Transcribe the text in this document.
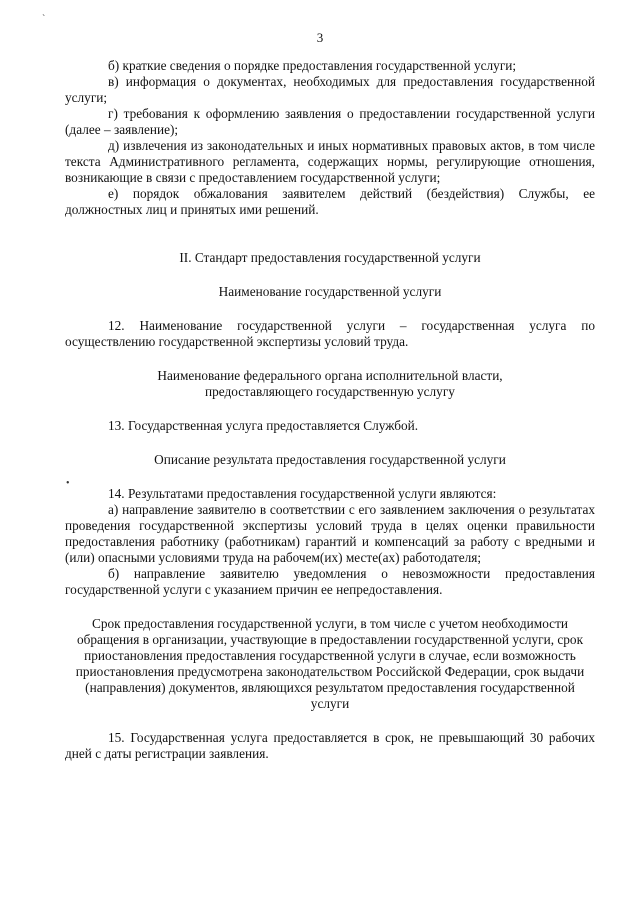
ˋ
3

б) краткие сведения о порядке предоставления государственной услуги;

в) информация о документах, необходимых для предоставления государственной услуги;

г) требования к оформлению заявления о предоставлении государственной услуги (далее – заявление);

д) извлечения из законодательных и иных нормативных правовых актов, в том числе текста Административного регламента, содержащих нормы, регулирующие отношения, возникающие в связи с предоставлением государственной услуги;

е) порядок обжалования заявителем действий (бездействия) Службы, ее должностных лиц и принятых ими решений.

II. Стандарт предоставления государственной услуги

Наименование государственной услуги

12. Наименование государственной услуги – государственная услуга по осуществлению государственной экспертизы условий труда.

Наименование федерального органа исполнительной власти, предоставляющего государственную услугу

13. Государственная услуга предоставляется Службой.

Описание результата предоставления государственной услуги

14. Результатами предоставления государственной услуги являются:

а) направление заявителю в соответствии с его заявлением заключения о результатах проведения государственной экспертизы условий труда в целях оценки правильности предоставления работнику (работникам) гарантий и компенсаций за работу с вредными и (или) опасными условиями труда на рабочем(их) месте(ах) работодателя;

б) направление заявителю уведомления о невозможности предоставления государственной услуги с указанием причин ее непредоставления.

Срок предоставления государственной услуги, в том числе с учетом необходимости обращения в организации, участвующие в предоставлении государственной услуги, срок приостановления предоставления государственной услуги в случае, если возможность приостановления предусмотрена законодательством Российской Федерации, срок выдачи (направления) документов, являющихся результатом предоставления государственной услуги

15. Государственная услуга предоставляется в срок, не превышающий 30 рабочих дней с даты регистрации заявления.

•
